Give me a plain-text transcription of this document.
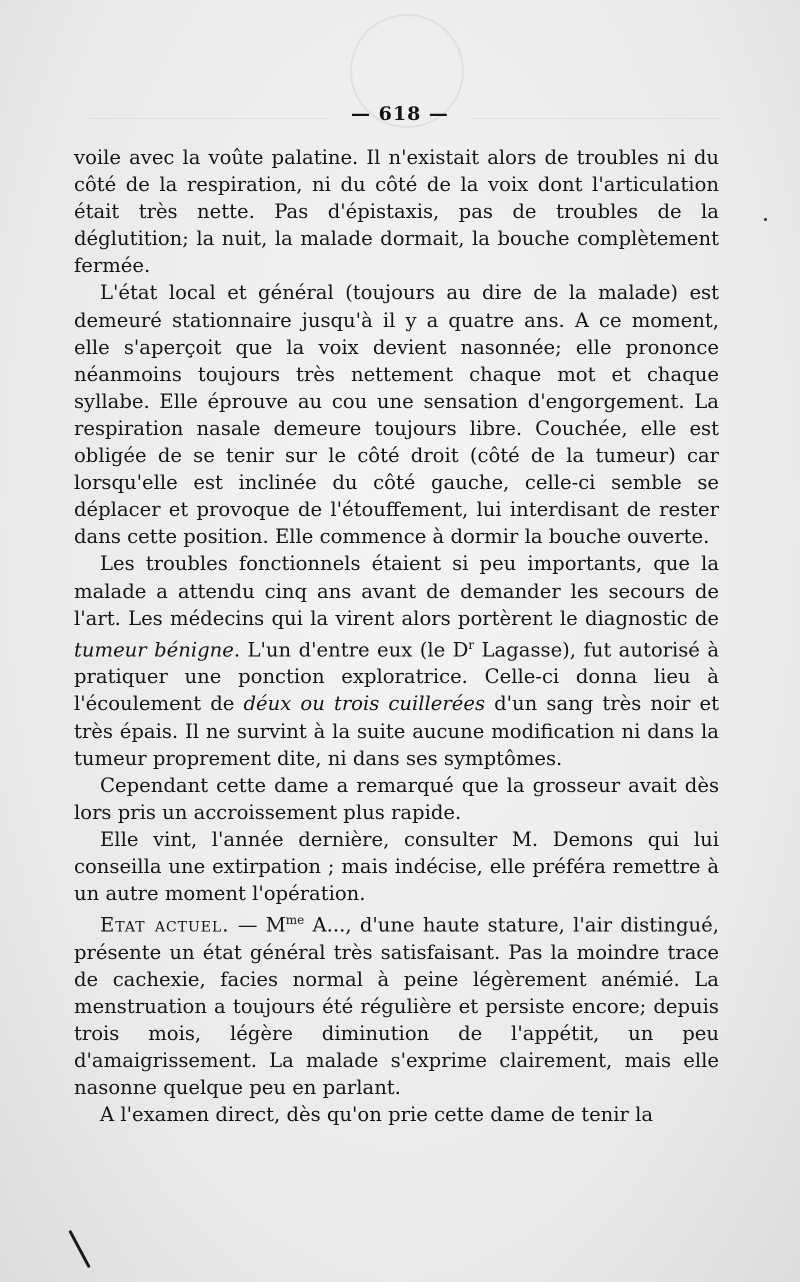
— 618 —

voile avec la voûte palatine. Il n'existait alors de troubles ni du côté de la respiration, ni du côté de la voix dont l'articulation était très nette. Pas d'épistaxis, pas de troubles de la déglutition; la nuit, la malade dormait, la bouche complètement fermée.

L'état local et général (toujours au dire de la malade) est demeuré stationnaire jusqu'à il y a quatre ans. A ce moment, elle s'aperçoit que la voix devient nasonnée; elle prononce néanmoins toujours très nettement chaque mot et chaque syllabe. Elle éprouve au cou une sensation d'engorgement. La respiration nasale demeure toujours libre. Couchée, elle est obligée de se tenir sur le côté droit (côté de la tumeur) car lorsqu'elle est inclinée du côté gauche, celle-ci semble se déplacer et provoque de l'étouffement, lui interdisant de rester dans cette position. Elle commence à dormir la bouche ouverte.

Les troubles fonctionnels étaient si peu importants, que la malade a attendu cinq ans avant de demander les secours de l'art. Les médecins qui la virent alors portèrent le diagnostic de tumeur bénigne. L'un d'entre eux (le $D^r$ Lagasse), fut autorisé à pratiquer une ponction exploratrice. Celle-ci donna lieu à l'écoulement de déux ou trois cuillerées d'un sang très noir et très épais. Il ne survint à la suite aucune modification ni dans la tumeur proprement dite, ni dans ses symptômes.

Cependant cette dame a remarqué que la grosseur avait dès lors pris un accroissement plus rapide.

Elle vint, l'année dernière, consulter M. Demons qui lui conseilla une extirpation ; mais indécise, elle préféra remettre à un autre moment l'opération.

Etat actuel. — $M^{me}$ A..., d'une haute stature, l'air distingué, présente un état général très satisfaisant. Pas la moindre trace de cachexie, facies normal à peine légèrement anémié. La menstruation a toujours été régulière et persiste encore; depuis trois mois, légère diminution de l'appétit, un peu d'amaigrissement. La malade s'exprime clairement, mais elle nasonne quelque peu en parlant.

A l'examen direct, dès qu'on prie cette dame de tenir la
